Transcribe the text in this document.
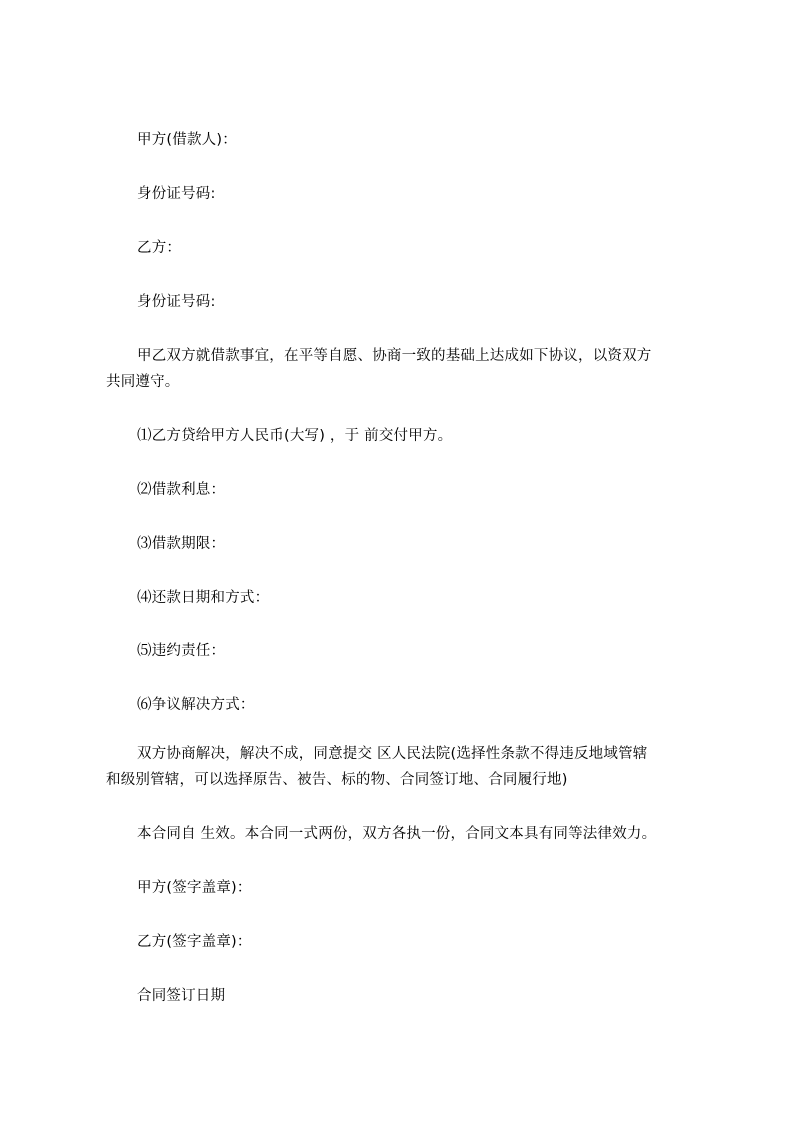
甲方(借款人)：
身份证号码:
乙方：
身份证号码:
甲乙双方就借款事宜，在平等自愿、协商一致的基础上达成如下协议，以资双方
共同遵守。
⑴乙方贷给甲方人民币(大写) ，于 前交付甲方。
⑵借款利息：
⑶借款期限：
⑷还款日期和方式：
⑸违约责任：
⑹争议解决方式：
双方协商解决，解决不成，同意提交 区人民法院(选择性条款不得违反地域管辖
和级别管辖，可以选择原告、被告、标的物、合同签订地、合同履行地)
本合同自 生效。本合同一式两份，双方各执一份，合同文本具有同等法律效力。
甲方(签字盖章)：
乙方(签字盖章)：
合同签订日期
